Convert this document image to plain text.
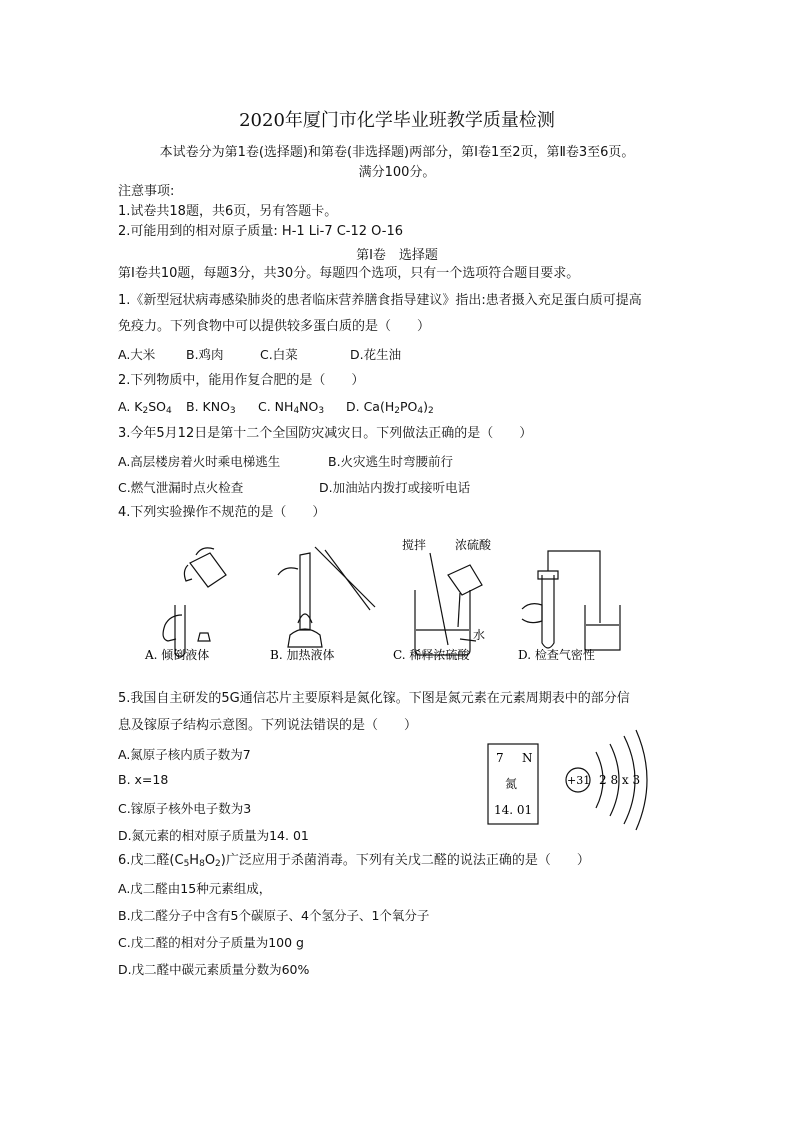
2020年厦门市化学毕业班教学质量检测
本试卷分为第1卷(选择题)和第卷(非选择题)两部分，第Ⅰ卷1至2页，第Ⅱ卷3至6页。
满分100分。
注意事项:
1.试卷共18题，共6页，另有答题卡。
2.可能用到的相对原子质量: H-1 Li-7 C-12 O-16
第Ⅰ卷　选择题
第Ⅰ卷共10题，每题3分，共30分。每题四个选项，只有一个选项符合题目要求。
1.《新型冠状病毒感染肺炎的患者临床营养膳食指导建议》指出:患者摄入充足蛋白质可提高
免疫力。下列食物中可以提供较多蛋白质的是（　　）
A.大米 B.鸡肉	C.白菜	D.花生油
2.下列物质中，能用作复合肥的是（　　）
A. $K_2SO_4$ B. $KNO_3$ C. $NH_4NO_3$ D. $Ca(H_2PO_4)_2$
3.今年5月12日是第十二个全国防灾减灾日。下列做法正确的是（　　）
A.高层楼房着火时乘电梯逃生	B.火灾逃生时弯腰前行
C.燃气泄漏时点火检查	D.加油站内拨打或接听电话
4.下列实验操作不规范的是（　　）
搅拌 浓硫酸
水
A. 倾倒液体	B. 加热液体	C. 稀释浓硫酸	D. 检查气密性
5.我国自主研发的5G通信芯片主要原料是氮化镓。下图是氮元素在元素周期表中的部分信
息及镓原子结构示意图。下列说法错误的是（　　）
A.氮原子核内质子数为7
B. x=18
C.镓原子核外电子数为3
D.氮元素的相对原子质量为14. 01
7 N
氮
14. 01
+31 2 8 x 3
6.戊二醛$(C_5H_8O_2)$广泛应用于杀菌消毒。下列有关戊二醛的说法正确的是（　　）
A.戊二醛由15种元素组成，
B.戊二醛分子中含有5个碳原子、4个氢分子、1个氧分子
C.戊二醛的相对分子质量为100 g
D.戊二醛中碳元素质量分数为60%
